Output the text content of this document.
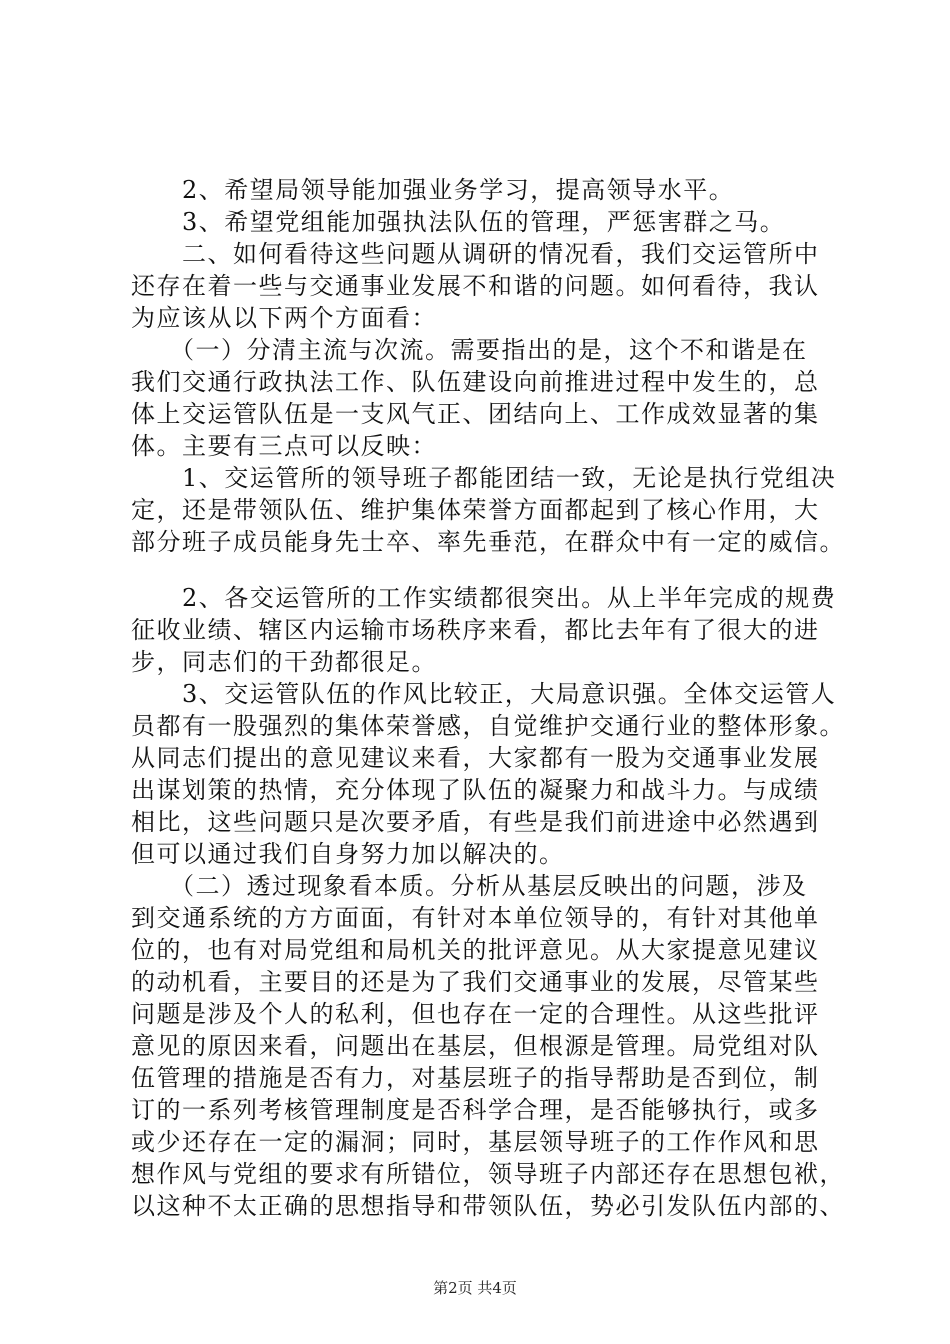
　　2、希望局领导能加强业务学习，提高领导水平。
　　3、希望党组能加强执法队伍的管理，严惩害群之马。
　　二、如何看待这些问题从调研的情况看，我们交运管所中
还存在着一些与交通事业发展不和谐的问题。如何看待，我认
为应该从以下两个方面看：
　　（一）分清主流与次流。需要指出的是，这个不和谐是在
我们交通行政执法工作、队伍建设向前推进过程中发生的，总
体上交运管队伍是一支风气正、团结向上、工作成效显著的集
体。主要有三点可以反映：
　　1、交运管所的领导班子都能团结一致，无论是执行党组决
定，还是带领队伍、维护集体荣誉方面都起到了核心作用，大
部分班子成员能身先士卒、率先垂范，在群众中有一定的威信。
　　2、各交运管所的工作实绩都很突出。从上半年完成的规费
征收业绩、辖区内运输市场秩序来看，都比去年有了很大的进
步，同志们的干劲都很足。
　　3、交运管队伍的作风比较正，大局意识强。全体交运管人
员都有一股强烈的集体荣誉感，自觉维护交通行业的整体形象。
从同志们提出的意见建议来看，大家都有一股为交通事业发展
出谋划策的热情，充分体现了队伍的凝聚力和战斗力。与成绩
相比，这些问题只是次要矛盾，有些是我们前进途中必然遇到
但可以通过我们自身努力加以解决的。
　　（二）透过现象看本质。分析从基层反映出的问题，涉及
到交通系统的方方面面，有针对本单位领导的，有针对其他单
位的，也有对局党组和局机关的批评意见。从大家提意见建议
的动机看，主要目的还是为了我们交通事业的发展，尽管某些
问题是涉及个人的私利，但也存在一定的合理性。从这些批评
意见的原因来看，问题出在基层，但根源是管理。局党组对队
伍管理的措施是否有力，对基层班子的指导帮助是否到位，制
订的一系列考核管理制度是否科学合理，是否能够执行，或多
或少还存在一定的漏洞；同时，基层领导班子的工作作风和思
想作风与党组的要求有所错位，领导班子内部还存在思想包袱，
以这种不太正确的思想指导和带领队伍，势必引发队伍内部的、
第2页 共4页
